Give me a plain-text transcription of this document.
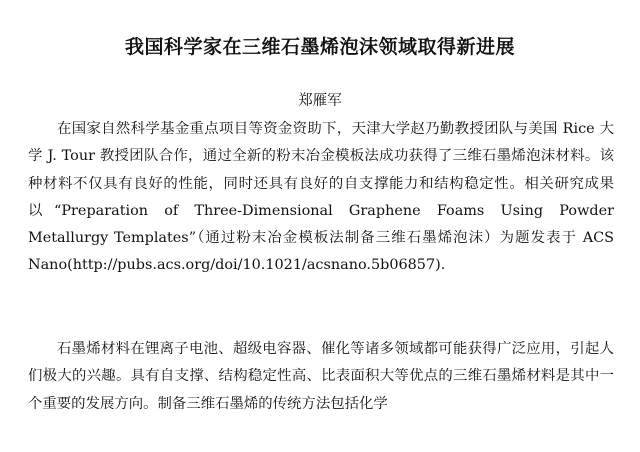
我国科学家在三维石墨烯泡沫领域取得新进展
郑雁军

在国家自然科学基金重点项目等资金资助下，天津大学赵乃勤教授团队与美国 Rice 大学 J. Tour 教授团队合作，通过全新的粉末冶金模板法成功获得了三维石墨烯泡沫材料。该种材料不仅具有良好的性能，同时还具有良好的自支撑能力和结构稳定性。相关研究成果以“Preparation of Three-Dimensional Graphene Foams Using Powder Metallurgy Templates”（通过粉末冶金模板法制备三维石墨烯泡沫）为题发表于 ACS Nano(http://pubs.acs.org/doi/10.1021/acsnano.5b06857).

石墨烯材料在锂离子电池、超级电容器、催化等诸多领域都可能获得广泛应用，引起人们极大的兴趣。具有自支撑、结构稳定性高、比表面积大等优点的三维石墨烯材料是其中一个重要的发展方向。制备三维石墨烯的传统方法包括化学
